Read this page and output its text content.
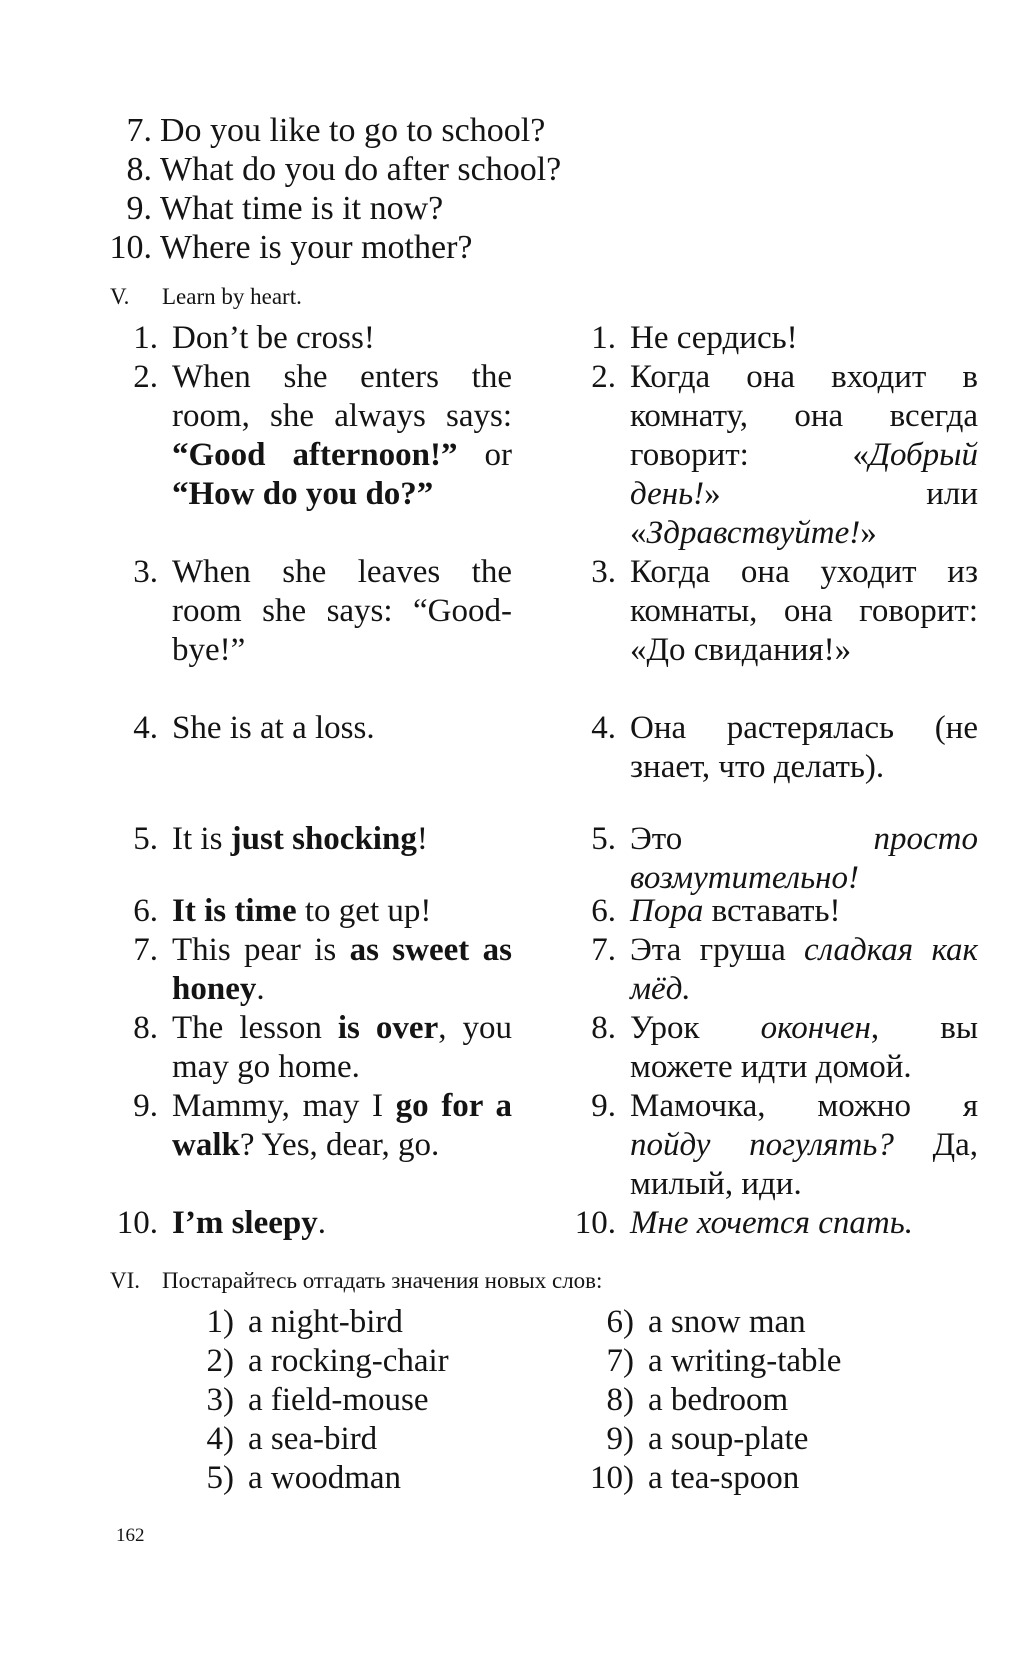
7. Do you like to go to school?
8. What do you do after school?
9. What time is it now?
10. Where is your mother?
V. Learn by heart.
1. Don’t be cross!
2. When she enters the room, she always says: “Good afternoon!” or “How do you do?”
3. When she leaves the room she says: “Good-bye!”
4. She is at a loss.
5. It is just shocking!
6. It is time to get up!
7. This pear is as sweet as honey.
8. The lesson is over, you may go home.
9. Mammy, may I go for a walk? Yes, dear, go.
10. I’m sleepy.
1. Не сердись!
2. Когда она входит в комнату, она всегда говорит: «Добрый день!» или «Здравствуйте!»
3. Когда она уходит из комнаты, она говорит: «До свидания!»
4. Она растерялась (не знает, что делать).
5. Это просто возмутительно!
6. Пора вставать!
7. Эта груша сладкая как мёд.
8. Урок окончен, вы можете идти домой.
9. Мамочка, можно я пойду погулять? Да, милый, иди.
10. Мне хочется спать.
VI. Постарайтесь отгадать значения новых слов:
1) a night-bird
2) a rocking-chair
3) a field-mouse
4) a sea-bird
5) a woodman
6) a snow man
7) a writing-table
8) a bedroom
9) a soup-plate
10) a tea-spoon
162
